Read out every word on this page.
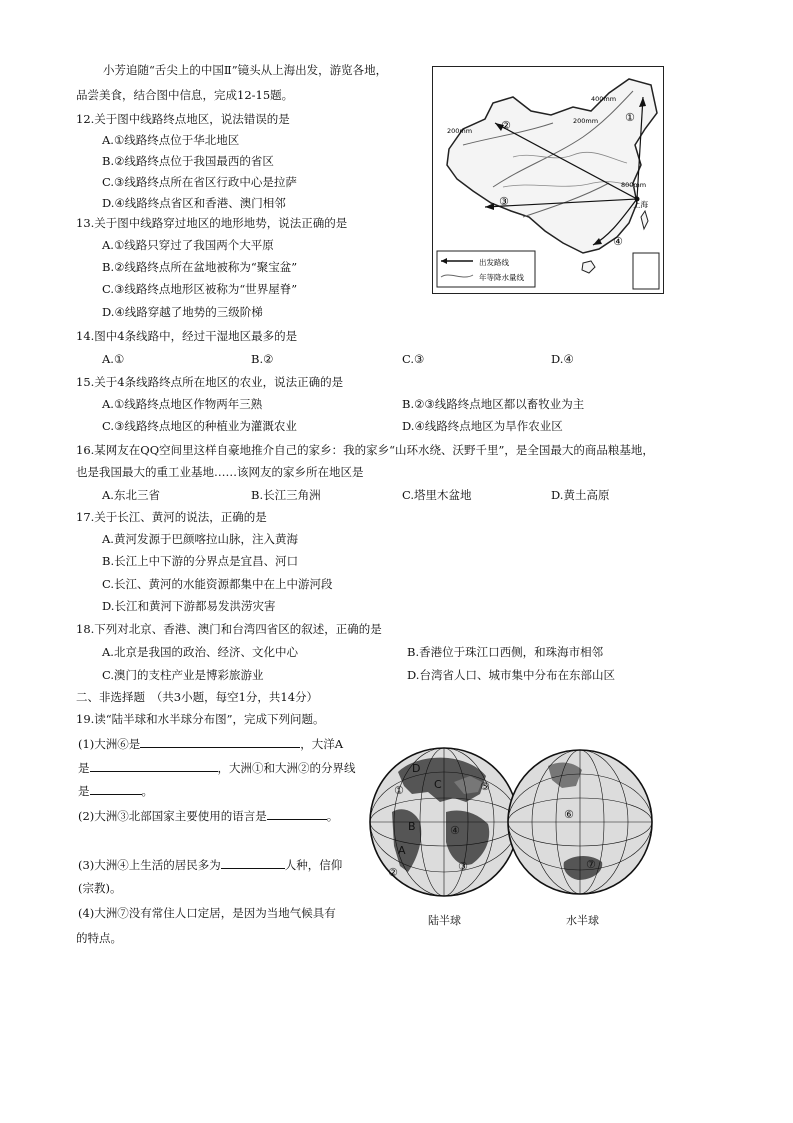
小芳追随“舌尖上的中国Ⅱ”镜头从上海出发，游览各地，
品尝美食，结合图中信息，完成12-15题。
12.关于图中线路终点地区，说法错误的是
A.①线路终点位于华北地区
B.②线路终点位于我国最西的省区
C.③线路终点所在省区行政中心是拉萨
D.④线路终点省区和香港、澳门相邻
13.关于图中线路穿过地区的地形地势，说法正确的是
A.①线路只穿过了我国两个大平原
B.②线路终点所在盆地被称为“聚宝盆”
C.③线路终点地形区被称为“世界屋脊”
D.④线路穿越了地势的三级阶梯
14.图中4条线路中，经过干湿地区最多的是
A.①	B.②	C.③	D.④
15.关于4条线路终点所在地区的农业，说法正确的是
A.①线路终点地区作物两年三熟	B.②③线路终点地区都以畜牧业为主
C.③线路终点地区的种植业为灌溉农业	D.④线路终点地区为旱作农业区
16.某网友在QQ空间里这样自豪地推介自己的家乡：我的家乡“山环水绕、沃野千里”，是全国最大的商品粮基地，
也是我国最大的重工业基地……该网友的家乡所在地区是
A.东北三省	B.长江三角洲	C.塔里木盆地	D.黄土高原
17.关于长江、黄河的说法，正确的是
A.黄河发源于巴颜喀拉山脉，注入黄海
B.长江上中下游的分界点是宜昌、河口
C.长江、黄河的水能资源都集中在上中游河段
D.长江和黄河下游都易发洪涝灾害
18.下列对北京、香港、澳门和台湾四省区的叙述，正确的是
A.北京是我国的政治、经济、文化中心	B.香港位于珠江口西侧，和珠海市相邻
C.澳门的支柱产业是博彩旅游业	D.台湾省人口、城市集中分布在东部山区
二、非选择题　（共3小题，每空1分，共14分）
19.读“陆半球和水半球分布图”，完成下列问题。
(1)大洲⑥是	，大洋A
是	，大洲①和大洲②的分界线
是	。
(2)大洲③北部国家主要使用的语言是	。
(3)大洲④上生活的居民多为	人种，信仰
(宗教)。
(4)大洲⑦没有常住人口定居，是因为当地气候具有
的特点。
出发路线
年等降水量线
上海
200mm
200mm
400mm
800mm
①
②
③
④
D
①	⑤
④
A
③
②
B
C
⑥
⑦
陆半球	水半球
